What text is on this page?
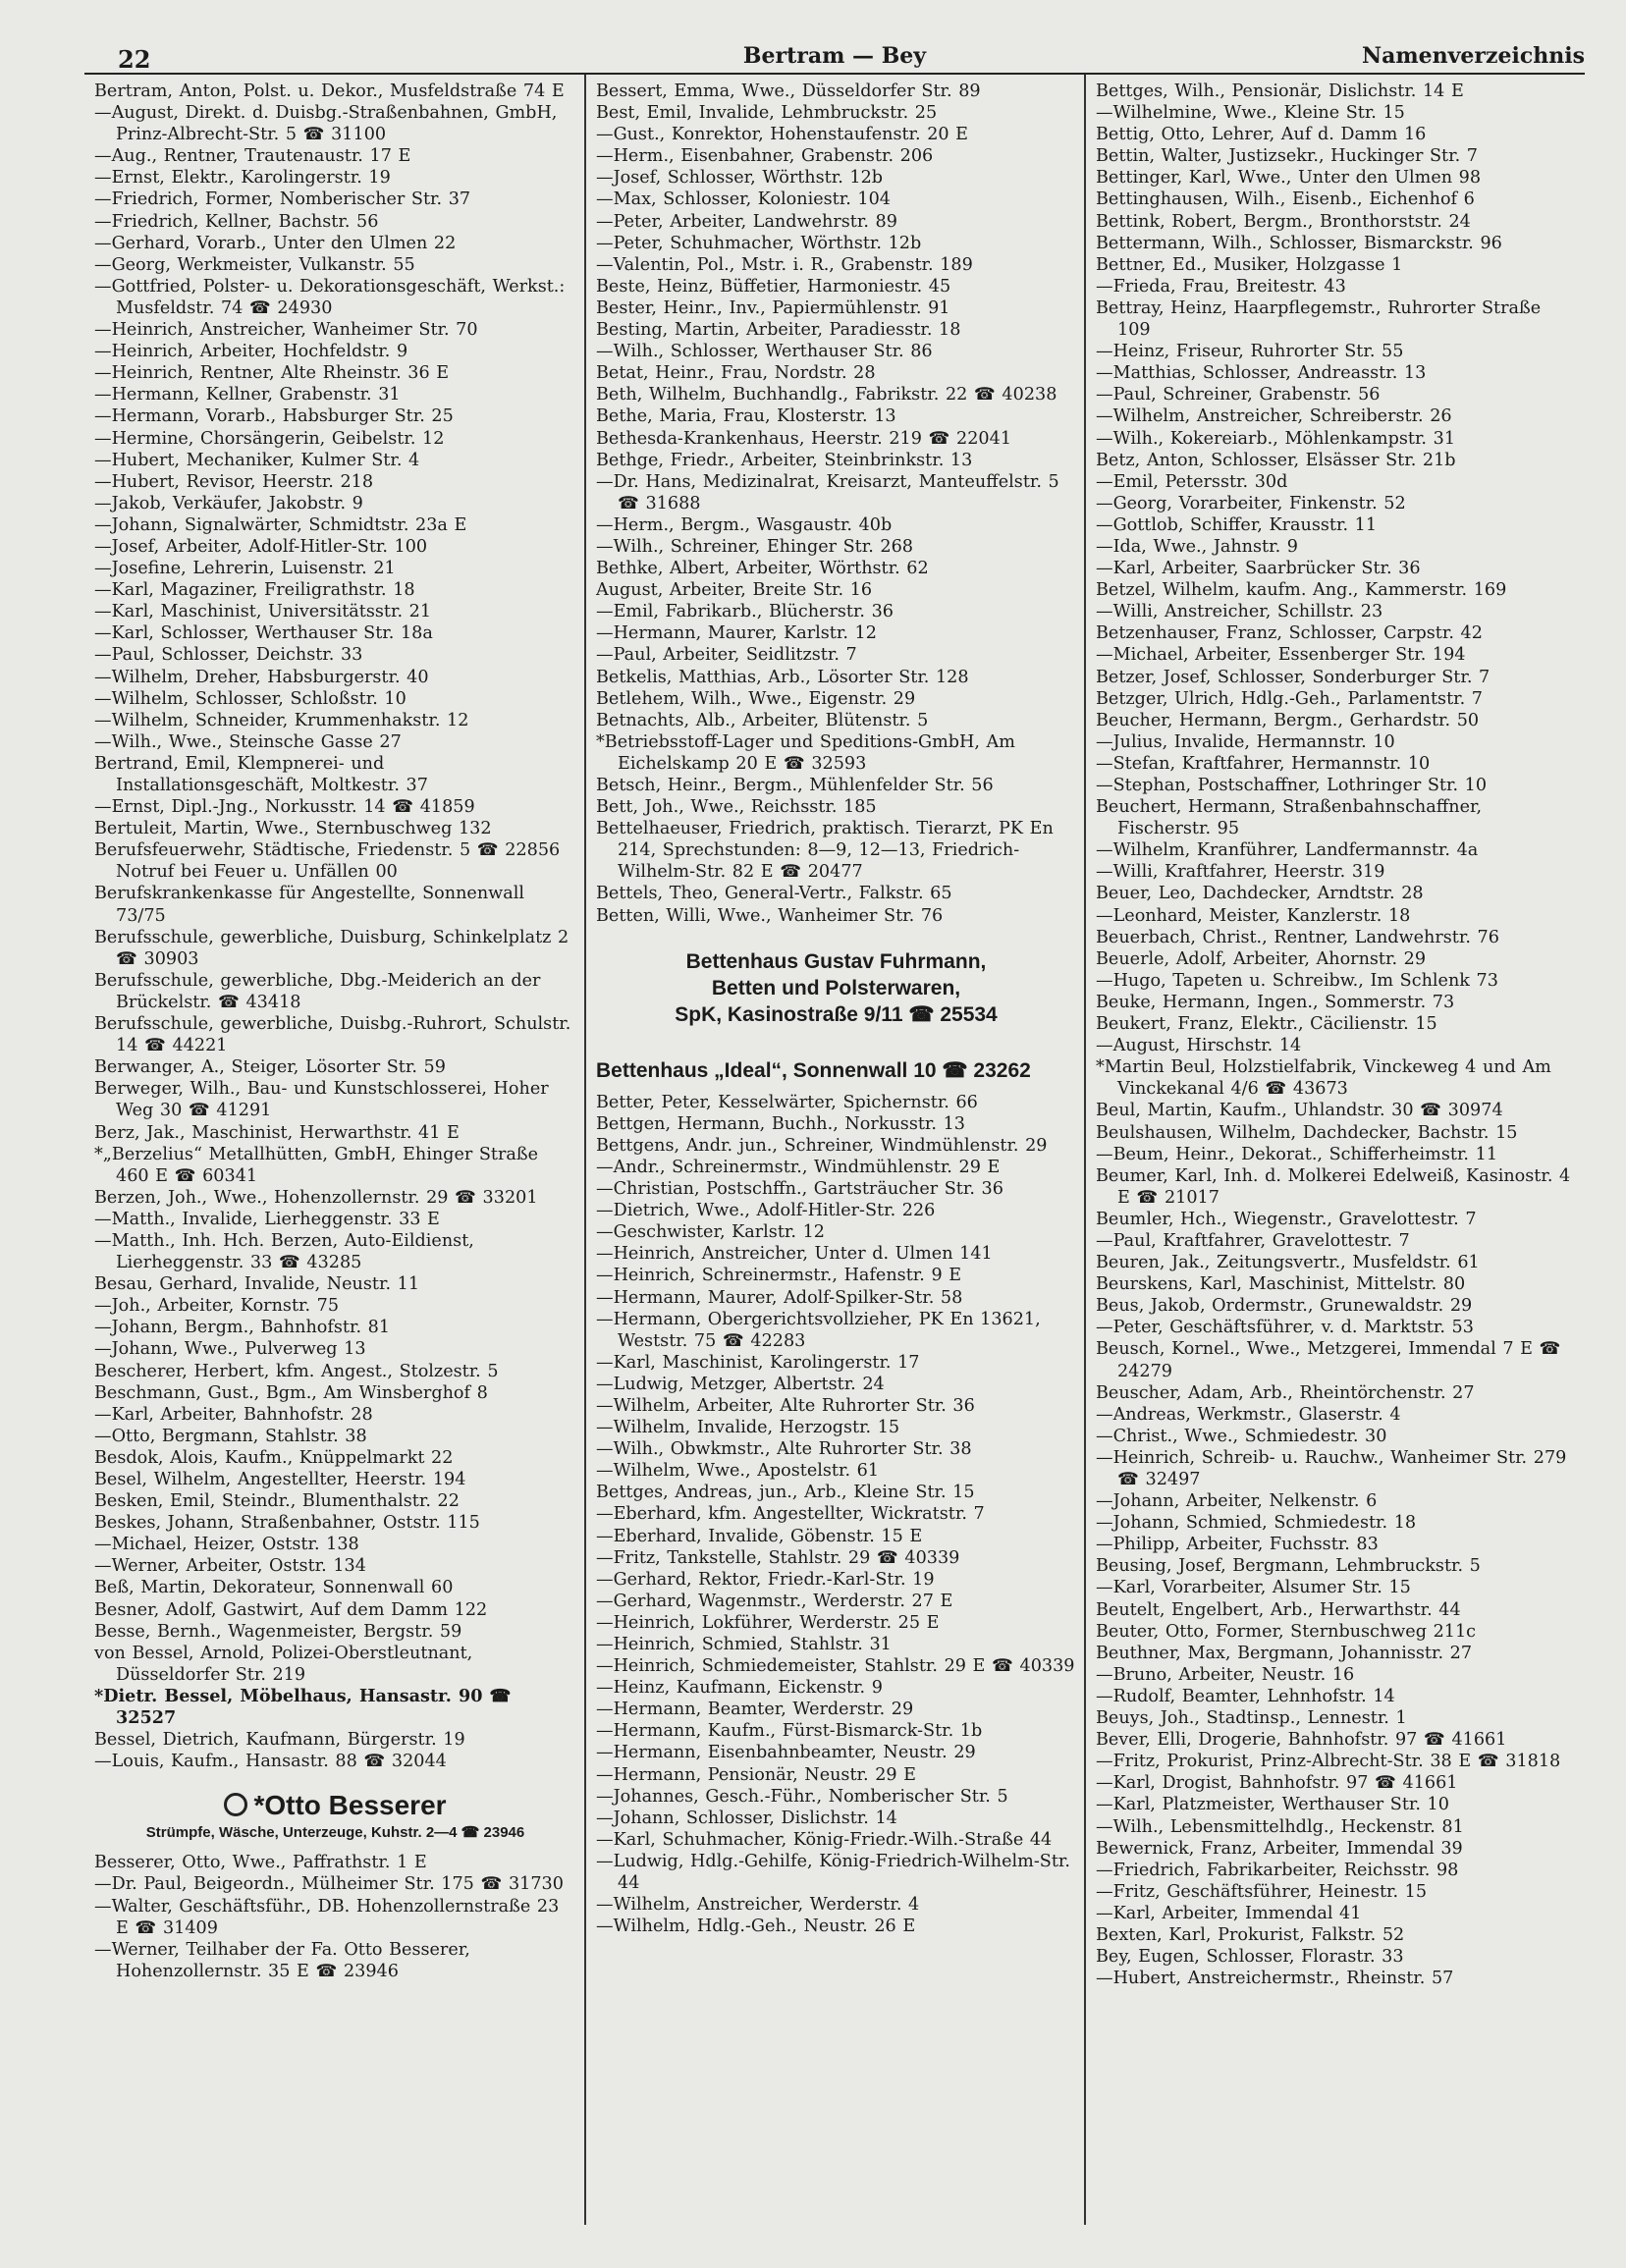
22	Bertram — Bey	Namenverzeichnis

Bertram, Anton, Polst. u. Dekor., Musfeldstraße 74 E

—August, Direkt. d. Duisbg.-Straßenbahnen, GmbH, Prinz-Albrecht-Str. 5 ☎ 31100

—Aug., Rentner, Trautenaustr. 17 E

—Ernst, Elektr., Karolingerstr. 19

—Friedrich, Former, Nomberischer Str. 37

—Friedrich, Kellner, Bachstr. 56

—Gerhard, Vorarb., Unter den Ulmen 22

—Georg, Werkmeister, Vulkanstr. 55

—Gottfried, Polster- u. Dekorationsgeschäft, Werkst.: Musfeldstr. 74 ☎ 24930

—Heinrich, Anstreicher, Wanheimer Str. 70

—Heinrich, Arbeiter, Hochfeldstr. 9

—Heinrich, Rentner, Alte Rheinstr. 36 E

—Hermann, Kellner, Grabenstr. 31

—Hermann, Vorarb., Habsburger Str. 25

—Hermine, Chorsängerin, Geibelstr. 12

—Hubert, Mechaniker, Kulmer Str. 4

—Hubert, Revisor, Heerstr. 218

—Jakob, Verkäufer, Jakobstr. 9

—Johann, Signalwärter, Schmidtstr. 23a E

—Josef, Arbeiter, Adolf-Hitler-Str. 100

—Josefine, Lehrerin, Luisenstr. 21

—Karl, Magaziner, Freiligrathstr. 18

—Karl, Maschinist, Universitätsstr. 21

—Karl, Schlosser, Werthauser Str. 18a

—Paul, Schlosser, Deichstr. 33

—Wilhelm, Dreher, Habsburgerstr. 40

—Wilhelm, Schlosser, Schloßstr. 10

—Wilhelm, Schneider, Krummenhakstr. 12

—Wilh., Wwe., Steinsche Gasse 27

Bertrand, Emil, Klempnerei- und Installationsgeschäft, Moltkestr. 37

—Ernst, Dipl.-Jng., Norkusstr. 14 ☎ 41859

Bertuleit, Martin, Wwe., Sternbuschweg 132

Berufsfeuerwehr, Städtische, Friedenstr. 5 ☎ 22856 Notruf bei Feuer u. Unfällen 00

Berufskrankenkasse für Angestellte, Sonnenwall 73/75

Berufsschule, gewerbliche, Duisburg, Schinkelplatz 2 ☎ 30903

Berufsschule, gewerbliche, Dbg.-Meiderich an der Brückelstr. ☎ 43418

Berufsschule, gewerbliche, Duisbg.-Ruhrort, Schulstr. 14 ☎ 44221

Berwanger, A., Steiger, Lösorter Str. 59

Berweger, Wilh., Bau- und Kunstschlosserei, Hoher Weg 30 ☎ 41291

Berz, Jak., Maschinist, Herwarthstr. 41 E

*„Berzelius“ Metallhütten, GmbH, Ehinger Straße 460 E ☎ 60341

Berzen, Joh., Wwe., Hohenzollernstr. 29 ☎ 33201

—Matth., Invalide, Lierheggenstr. 33 E

—Matth., Inh. Hch. Berzen, Auto-Eildienst, Lierheggenstr. 33 ☎ 43285

Besau, Gerhard, Invalide, Neustr. 11

—Joh., Arbeiter, Kornstr. 75

—Johann, Bergm., Bahnhofstr. 81

—Johann, Wwe., Pulverweg 13

Bescherer, Herbert, kfm. Angest., Stolzestr. 5

Beschmann, Gust., Bgm., Am Winsberghof 8

—Karl, Arbeiter, Bahnhofstr. 28

—Otto, Bergmann, Stahlstr. 38

Besdok, Alois, Kaufm., Knüppelmarkt 22

Besel, Wilhelm, Angestellter, Heerstr. 194

Besken, Emil, Steindr., Blumenthalstr. 22

Beskes, Johann, Straßenbahner, Oststr. 115

—Michael, Heizer, Oststr. 138

—Werner, Arbeiter, Oststr. 134

Beß, Martin, Dekorateur, Sonnenwall 60

Besner, Adolf, Gastwirt, Auf dem Damm 122

Besse, Bernh., Wagenmeister, Bergstr. 59

von Bessel, Arnold, Polizei-Oberstleutnant, Düsseldorfer Str. 219

*Dietr. Bessel, Möbelhaus, Hansastr. 90 ☎ 32527

Bessel, Dietrich, Kaufmann, Bürgerstr. 19

—Louis, Kaufm., Hansastr. 88 ☎ 32044

*Otto Besserer

Strümpfe, Wäsche, Unterzeuge, Kuhstr. 2—4 ☎ 23946

Besserer, Otto, Wwe., Paffrathstr. 1 E

—Dr. Paul, Beigeordn., Mülheimer Str. 175 ☎ 31730

—Walter, Geschäftsführ., DB. Hohenzollernstraße 23 E ☎ 31409

—Werner, Teilhaber der Fa. Otto Besserer, Hohenzollernstr. 35 E ☎ 23946

Bessert, Emma, Wwe., Düsseldorfer Str. 89

Best, Emil, Invalide, Lehmbruckstr. 25

—Gust., Konrektor, Hohenstaufenstr. 20 E

—Herm., Eisenbahner, Grabenstr. 206

—Josef, Schlosser, Wörthstr. 12b

—Max, Schlosser, Koloniestr. 104

—Peter, Arbeiter, Landwehrstr. 89

—Peter, Schuhmacher, Wörthstr. 12b

—Valentin, Pol., Mstr. i. R., Grabenstr. 189

Beste, Heinz, Büffetier, Harmoniestr. 45

Bester, Heinr., Inv., Papiermühlenstr. 91

Besting, Martin, Arbeiter, Paradiesstr. 18

—Wilh., Schlosser, Werthauser Str. 86

Betat, Heinr., Frau, Nordstr. 28

Beth, Wilhelm, Buchhandlg., Fabrikstr. 22 ☎ 40238

Bethe, Maria, Frau, Klosterstr. 13

Bethesda-Krankenhaus, Heerstr. 219 ☎ 22041

Bethge, Friedr., Arbeiter, Steinbrinkstr. 13

—Dr. Hans, Medizinalrat, Kreisarzt, Manteuffelstr. 5 ☎ 31688

—Herm., Bergm., Wasgaustr. 40b

—Wilh., Schreiner, Ehinger Str. 268

Bethke, Albert, Arbeiter, Wörthstr. 62

August, Arbeiter, Breite Str. 16

—Emil, Fabrikarb., Blücherstr. 36

—Hermann, Maurer, Karlstr. 12

—Paul, Arbeiter, Seidlitzstr. 7

Betkelis, Matthias, Arb., Lösorter Str. 128

Betlehem, Wilh., Wwe., Eigenstr. 29

Betnachts, Alb., Arbeiter, Blütenstr. 5

*Betriebsstoff-Lager und Speditions-GmbH, Am Eichelskamp 20 E ☎ 32593

Betsch, Heinr., Bergm., Mühlenfelder Str. 56

Bett, Joh., Wwe., Reichsstr. 185

Bettelhaeuser, Friedrich, praktisch. Tierarzt, PK En 214, Sprechstunden: 8—9, 12—13, Friedrich-Wilhelm-Str. 82 E ☎ 20477

Bettels, Theo, General-Vertr., Falkstr. 65

Betten, Willi, Wwe., Wanheimer Str. 76

Bettenhaus Gustav Fuhrmann,
Betten und Polsterwaren,
SpK, Kasinostraße 9/11 ☎ 25534

Bettenhaus „Ideal“, Sonnenwall 10 ☎ 23262

Better, Peter, Kesselwärter, Spichernstr. 66

Bettgen, Hermann, Buchh., Norkusstr. 13

Bettgens, Andr. jun., Schreiner, Windmühlenstr. 29

—Andr., Schreinermstr., Windmühlenstr. 29 E

—Christian, Postschffn., Gartsträucher Str. 36

—Dietrich, Wwe., Adolf-Hitler-Str. 226

—Geschwister, Karlstr. 12

—Heinrich, Anstreicher, Unter d. Ulmen 141

—Heinrich, Schreinermstr., Hafenstr. 9 E

—Hermann, Maurer, Adolf-Spilker-Str. 58

—Hermann, Obergerichtsvollzieher, PK En 13621, Weststr. 75 ☎ 42283

—Karl, Maschinist, Karolingerstr. 17

—Ludwig, Metzger, Albertstr. 24

—Wilhelm, Arbeiter, Alte Ruhrorter Str. 36

—Wilhelm, Invalide, Herzogstr. 15

—Wilh., Obwkmstr., Alte Ruhrorter Str. 38

—Wilhelm, Wwe., Apostelstr. 61

Bettges, Andreas, jun., Arb., Kleine Str. 15

—Eberhard, kfm. Angestellter, Wickratstr. 7

—Eberhard, Invalide, Göbenstr. 15 E

—Fritz, Tankstelle, Stahlstr. 29 ☎ 40339

—Gerhard, Rektor, Friedr.-Karl-Str. 19

—Gerhard, Wagenmstr., Werderstr. 27 E

—Heinrich, Lokführer, Werderstr. 25 E

—Heinrich, Schmied, Stahlstr. 31

—Heinrich, Schmiedemeister, Stahlstr. 29 E ☎ 40339

—Heinz, Kaufmann, Eickenstr. 9

—Hermann, Beamter, Werderstr. 29

—Hermann, Kaufm., Fürst-Bismarck-Str. 1b

—Hermann, Eisenbahnbeamter, Neustr. 29

—Hermann, Pensionär, Neustr. 29 E

—Johannes, Gesch.-Führ., Nomberischer Str. 5

—Johann, Schlosser, Dislichstr. 14

—Karl, Schuhmacher, König-Friedr.-Wilh.-Straße 44

—Ludwig, Hdlg.-Gehilfe, König-Friedrich-Wilhelm-Str. 44

—Wilhelm, Anstreicher, Werderstr. 4

—Wilhelm, Hdlg.-Geh., Neustr. 26 E

Bettges, Wilh., Pensionär, Dislichstr. 14 E

—Wilhelmine, Wwe., Kleine Str. 15

Bettig, Otto, Lehrer, Auf d. Damm 16

Bettin, Walter, Justizsekr., Huckinger Str. 7

Bettinger, Karl, Wwe., Unter den Ulmen 98

Bettinghausen, Wilh., Eisenb., Eichenhof 6

Bettink, Robert, Bergm., Bronthorststr. 24

Bettermann, Wilh., Schlosser, Bismarckstr. 96

Bettner, Ed., Musiker, Holzgasse 1

—Frieda, Frau, Breitestr. 43

Bettray, Heinz, Haarpflegemstr., Ruhrorter Straße 109

—Heinz, Friseur, Ruhrorter Str. 55

—Matthias, Schlosser, Andreasstr. 13

—Paul, Schreiner, Grabenstr. 56

—Wilhelm, Anstreicher, Schreiberstr. 26

—Wilh., Kokereiarb., Möhlenkampstr. 31

Betz, Anton, Schlosser, Elsässer Str. 21b

—Emil, Petersstr. 30d

—Georg, Vorarbeiter, Finkenstr. 52

—Gottlob, Schiffer, Krausstr. 11

—Ida, Wwe., Jahnstr. 9

—Karl, Arbeiter, Saarbrücker Str. 36

Betzel, Wilhelm, kaufm. Ang., Kammerstr. 169

—Willi, Anstreicher, Schillstr. 23

Betzenhauser, Franz, Schlosser, Carpstr. 42

—Michael, Arbeiter, Essenberger Str. 194

Betzer, Josef, Schlosser, Sonderburger Str. 7

Betzger, Ulrich, Hdlg.-Geh., Parlamentstr. 7

Beucher, Hermann, Bergm., Gerhardstr. 50

—Julius, Invalide, Hermannstr. 10

—Stefan, Kraftfahrer, Hermannstr. 10

—Stephan, Postschaffner, Lothringer Str. 10

Beuchert, Hermann, Straßenbahnschaffner, Fischerstr. 95

—Wilhelm, Kranführer, Landfermannstr. 4a

—Willi, Kraftfahrer, Heerstr. 319

Beuer, Leo, Dachdecker, Arndtstr. 28

—Leonhard, Meister, Kanzlerstr. 18

Beuerbach, Christ., Rentner, Landwehrstr. 76

Beuerle, Adolf, Arbeiter, Ahornstr. 29

—Hugo, Tapeten u. Schreibw., Im Schlenk 73

Beuke, Hermann, Ingen., Sommerstr. 73

Beukert, Franz, Elektr., Cäcilienstr. 15

—August, Hirschstr. 14

*Martin Beul, Holzstielfabrik, Vinckeweg 4 und Am Vinckekanal 4/6 ☎ 43673

Beul, Martin, Kaufm., Uhlandstr. 30 ☎ 30974

Beulshausen, Wilhelm, Dachdecker, Bachstr. 15

—Beum, Heinr., Dekorat., Schifferheimstr. 11

Beumer, Karl, Inh. d. Molkerei Edelweiß, Kasinostr. 4 E ☎ 21017

Beumler, Hch., Wiegenstr., Gravelottestr. 7

—Paul, Kraftfahrer, Gravelottestr. 7

Beuren, Jak., Zeitungsvertr., Musfeldstr. 61

Beurskens, Karl, Maschinist, Mittelstr. 80

Beus, Jakob, Ordermstr., Grunewaldstr. 29

—Peter, Geschäftsführer, v. d. Marktstr. 53

Beusch, Kornel., Wwe., Metzgerei, Immendal 7 E ☎ 24279

Beuscher, Adam, Arb., Rheintörchenstr. 27

—Andreas, Werkmstr., Glaserstr. 4

—Christ., Wwe., Schmiedestr. 30

—Heinrich, Schreib- u. Rauchw., Wanheimer Str. 279 ☎ 32497

—Johann, Arbeiter, Nelkenstr. 6

—Johann, Schmied, Schmiedestr. 18

—Philipp, Arbeiter, Fuchsstr. 83

Beusing, Josef, Bergmann, Lehmbruckstr. 5

—Karl, Vorarbeiter, Alsumer Str. 15

Beutelt, Engelbert, Arb., Herwarthstr. 44

Beuter, Otto, Former, Sternbuschweg 211c

Beuthner, Max, Bergmann, Johannisstr. 27

—Bruno, Arbeiter, Neustr. 16

—Rudolf, Beamter, Lehnhofstr. 14

Beuys, Joh., Stadtinsp., Lennestr. 1

Bever, Elli, Drogerie, Bahnhofstr. 97 ☎ 41661

—Fritz, Prokurist, Prinz-Albrecht-Str. 38 E ☎ 31818

—Karl, Drogist, Bahnhofstr. 97 ☎ 41661

—Karl, Platzmeister, Werthauser Str. 10

—Wilh., Lebensmittelhdlg., Heckenstr. 81

Bewernick, Franz, Arbeiter, Immendal 39

—Friedrich, Fabrikarbeiter, Reichsstr. 98

—Fritz, Geschäftsführer, Heinestr. 15

—Karl, Arbeiter, Immendal 41

Bexten, Karl, Prokurist, Falkstr. 52

Bey, Eugen, Schlosser, Florastr. 33

—Hubert, Anstreichermstr., Rheinstr. 57
